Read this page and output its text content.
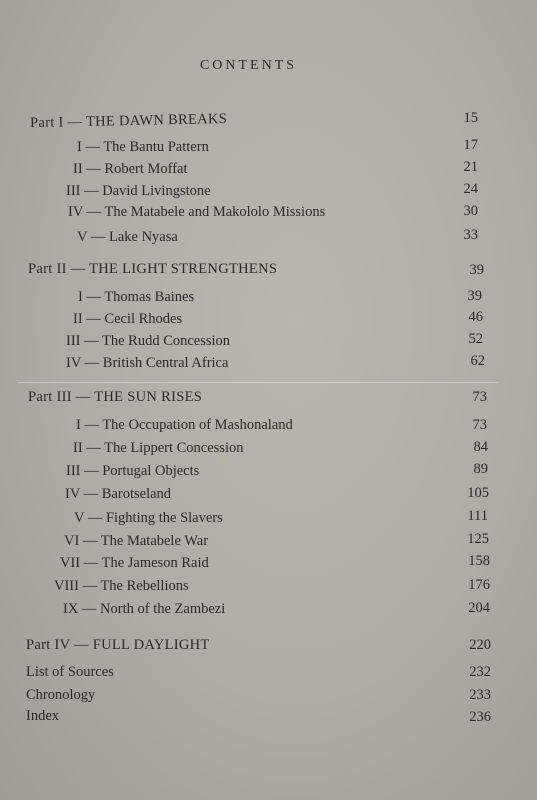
CONTENTS
Part I — THE DAWN BREAKS	15
I — The Bantu Pattern	17
II — Robert Moffat	21
III — David Livingstone	24
IV — The Matabele and Makololo Missions	30
V — Lake Nyasa	33
Part II — THE LIGHT STRENGTHENS	39
I — Thomas Baines	39
II — Cecil Rhodes	46
III — The Rudd Concession	52
IV — British Central Africa	62
Part III — THE SUN RISES	73
I — The Occupation of Mashonaland	73
II — The Lippert Concession	84
III — Portugal Objects	89
IV — Barotseland	105
V — Fighting the Slavers	111
VI — The Matabele War	125
VII — The Jameson Raid	158
VIII — The Rebellions	176
IX — North of the Zambezi	204
Part IV — FULL DAYLIGHT	220
List of Sources	232
Chronology	233
Index	236
